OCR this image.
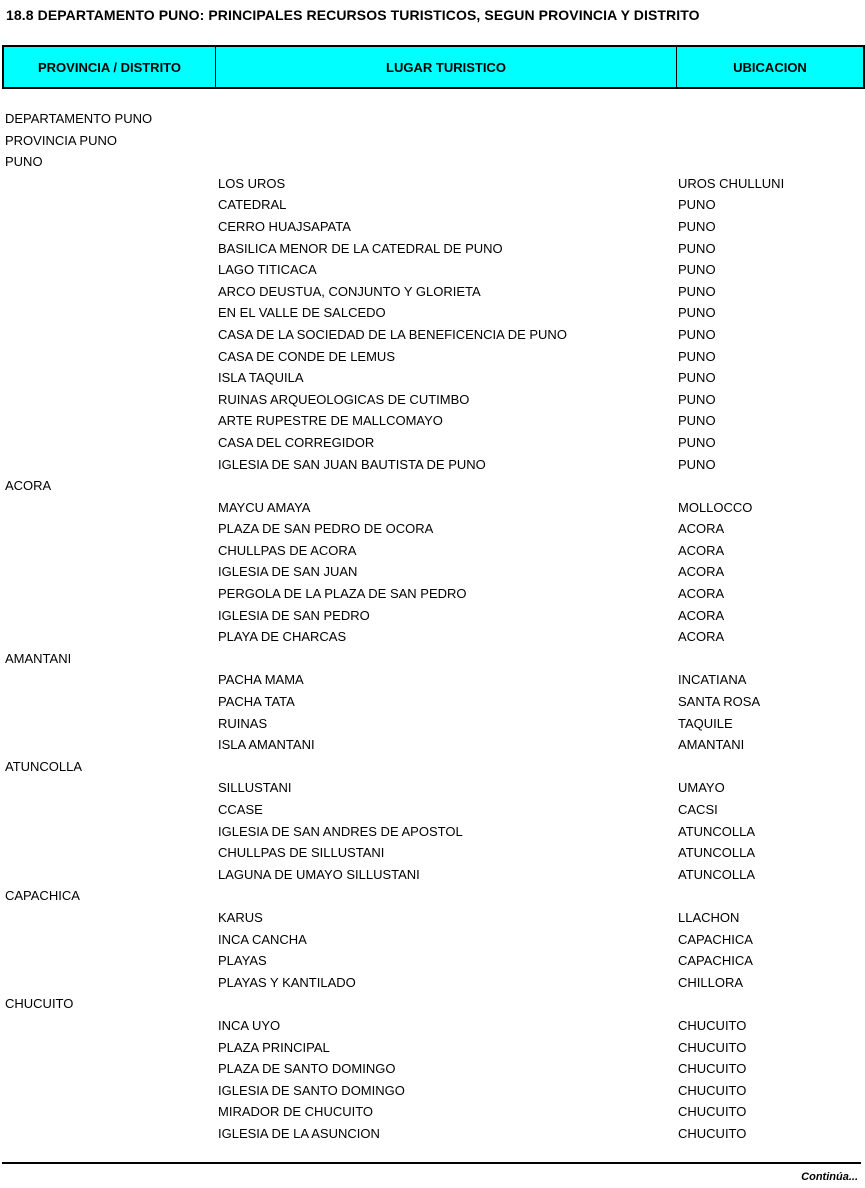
18.8 DEPARTAMENTO PUNO: PRINCIPALES RECURSOS TURISTICOS, SEGUN PROVINCIA Y DISTRITO
PROVINCIA / DISTRITO	LUGAR TURISTICO	UBICACION
DEPARTAMENTO PUNO
PROVINCIA PUNO
PUNO
LOS UROS	UROS CHULLUNI
CATEDRAL	PUNO
CERRO HUAJSAPATA	PUNO
BASILICA MENOR DE LA CATEDRAL DE PUNO	PUNO
LAGO TITICACA	PUNO
ARCO DEUSTUA, CONJUNTO Y GLORIETA	PUNO
EN EL VALLE DE SALCEDO	PUNO
CASA DE LA SOCIEDAD DE LA BENEFICENCIA DE PUNO	PUNO
CASA DE CONDE DE LEMUS	PUNO
ISLA TAQUILA	PUNO
RUINAS ARQUEOLOGICAS DE CUTIMBO	PUNO
ARTE RUPESTRE DE MALLCOMAYO	PUNO
CASA DEL CORREGIDOR	PUNO
IGLESIA DE SAN JUAN BAUTISTA DE PUNO	PUNO
ACORA
MAYCU AMAYA	MOLLOCCO
PLAZA DE SAN PEDRO DE OCORA	ACORA
CHULLPAS DE ACORA	ACORA
IGLESIA DE SAN JUAN	ACORA
PERGOLA DE LA PLAZA DE SAN PEDRO	ACORA
IGLESIA DE SAN PEDRO	ACORA
PLAYA DE CHARCAS	ACORA
AMANTANI
PACHA MAMA	INCATIANA
PACHA TATA	SANTA ROSA
RUINAS	TAQUILE
ISLA AMANTANI	AMANTANI
ATUNCOLLA
SILLUSTANI	UMAYO
CCASE	CACSI
IGLESIA DE SAN ANDRES DE APOSTOL	ATUNCOLLA
CHULLPAS DE SILLUSTANI	ATUNCOLLA
LAGUNA DE UMAYO SILLUSTANI	ATUNCOLLA
CAPACHICA
KARUS	LLACHON
INCA CANCHA	CAPACHICA
PLAYAS	CAPACHICA
PLAYAS Y KANTILADO	CHILLORA
CHUCUITO
INCA UYO	CHUCUITO
PLAZA PRINCIPAL	CHUCUITO
PLAZA DE SANTO DOMINGO	CHUCUITO
IGLESIA DE SANTO DOMINGO	CHUCUITO
MIRADOR DE CHUCUITO	CHUCUITO
IGLESIA DE LA ASUNCION	CHUCUITO
Continúa...
